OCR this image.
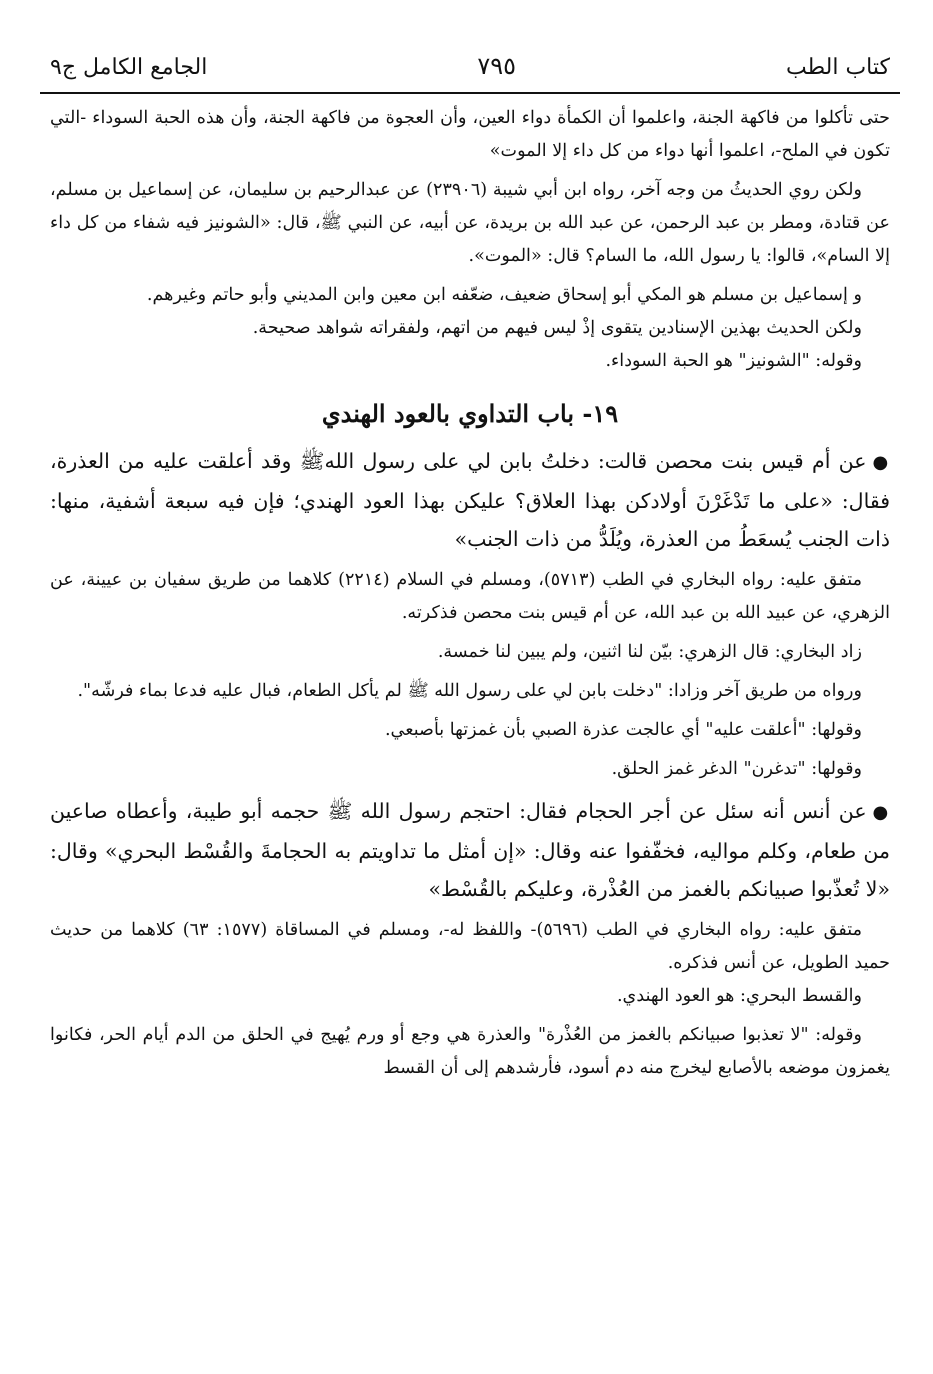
كتاب الطب
٧٩٥
الجامع الكامل ج٩

حتى تأكلوا من فاكهة الجنة، واعلموا أن الكمأة دواء العين، وأن العجوة من فاكهة الجنة، وأن هذه الحبة السوداء -التي تكون في الملح-، اعلموا أنها دواء من كل داء إلا الموت»

ولكن روي الحديثُ من وجه آخر، رواه ابن أبي شيبة (٢٣٩٠٦) عن عبدالرحيم بن سليمان، عن إسماعيل بن مسلم، عن قتادة، ومطر بن عبد الرحمن، عن عبد الله بن بريدة، عن أبيه، عن النبي ﷺ، قال: «الشونيز فيه شفاء من كل داء إلا السام»، قالوا: يا رسول الله، ما السام؟ قال: «الموت».

و إسماعيل بن مسلم هو المكي أبو إسحاق ضعيف، ضعّفه ابن معين وابن المديني وأبو حاتم وغيرهم.

ولكن الحديث بهذين الإسنادين يتقوى إذْ ليس فيهم من اتهم، ولفقراته شواهد صحيحة.

وقوله: "الشونيز" هو الحبة السوداء.

١٩- باب التداوي بالعود الهندي

●عن أم قيس بنت محصن قالت: دخلتُ بابن لي على رسول اللهﷺ وقد أعلقت عليه من العذرة، فقال: «على ما تَدْغَرْنَ أولادكن بهذا العلاق؟ عليكن بهذا العود الهندي؛ فإن فيه سبعة أشفية، منها: ذات الجنب يُسعَطُ من العذرة، ويُلَدُّ من ذات الجنب»

متفق عليه: رواه البخاري في الطب (٥٧١٣)، ومسلم في السلام (٢٢١٤) كلاهما من طريق سفيان بن عيينة، عن الزهري، عن عبيد الله بن عبد الله، عن أم قيس بنت محصن فذكرته.

زاد البخاري: قال الزهري: بيّن لنا اثنين، ولم يبين لنا خمسة.

ورواه من طريق آخر وزادا: "دخلت بابن لي على رسول الله ﷺ لم يأكل الطعام، فبال عليه فدعا بماء فرشّه".

وقولها: "أعلقت عليه" أي عالجت عذرة الصبي بأن غمزتها بأصبعي.

وقولها: "تدغرن" الدغر غمز الحلق.

●عن أنس أنه سئل عن أجر الحجام فقال: احتجم رسول الله ﷺ حجمه أبو طيبة، وأعطاه صاعين من طعام، وكلم مواليه، فخفّفوا عنه وقال: «إن أمثل ما تداويتم به الحجامةَ والقُسْط البحري» وقال: «لا تُعذّبوا صبيانكم بالغمز من العُذْرة، وعليكم بالقُسْط»

متفق عليه: رواه البخاري في الطب (٥٦٩٦)- واللفظ له-، ومسلم في المساقاة (١٥٧٧: ٦٣) كلاهما من حديث حميد الطويل، عن أنس فذكره.

والقسط البحري: هو العود الهندي.

وقوله: "لا تعذبوا صبيانكم بالغمز من العُذْرة" والعذرة هي وجع أو ورم يُهيج في الحلق من الدم أيام الحر، فكانوا يغمزون موضعه بالأصابع ليخرج منه دم أسود، فأرشدهم إلى أن القسط
